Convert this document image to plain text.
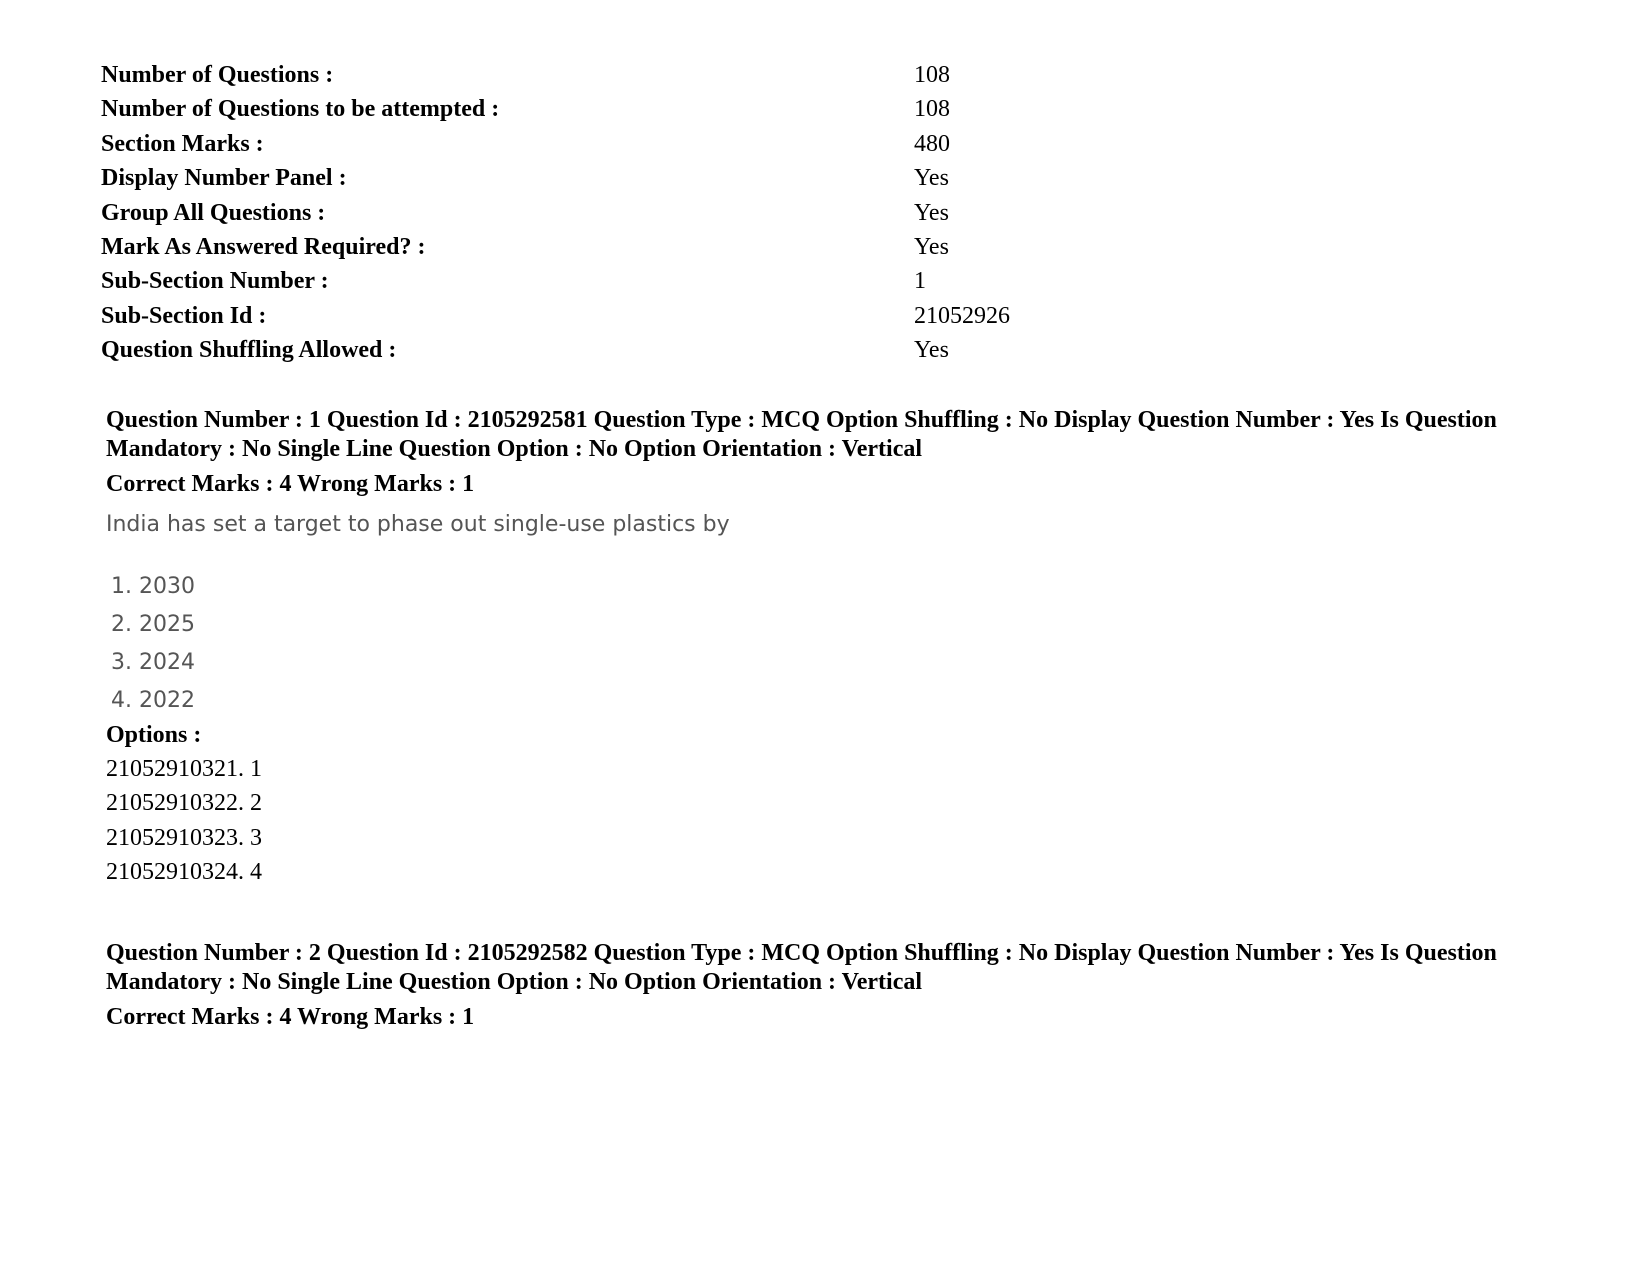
Number of Questions :	108
Number of Questions to be attempted :	108
Section Marks :	480
Display Number Panel :	Yes
Group All Questions :	Yes
Mark As Answered Required? :	Yes
Sub-Section Number :	1
Sub-Section Id :	21052926
Question Shuffling Allowed :	Yes
Question Number : 1 Question Id : 2105292581 Question Type : MCQ Option Shuffling : No Display Question Number : Yes Is Question Mandatory : No Single Line Question Option : No Option Orientation : Vertical
Correct Marks : 4 Wrong Marks : 1
India has set a target to phase out single-use plastics by
1. 2030
2. 2025
3. 2024
4. 2022
Options :
21052910321. 1
21052910322. 2
21052910323. 3
21052910324. 4
Question Number : 2 Question Id : 2105292582 Question Type : MCQ Option Shuffling : No Display Question Number : Yes Is Question Mandatory : No Single Line Question Option : No Option Orientation : Vertical
Correct Marks : 4 Wrong Marks : 1
